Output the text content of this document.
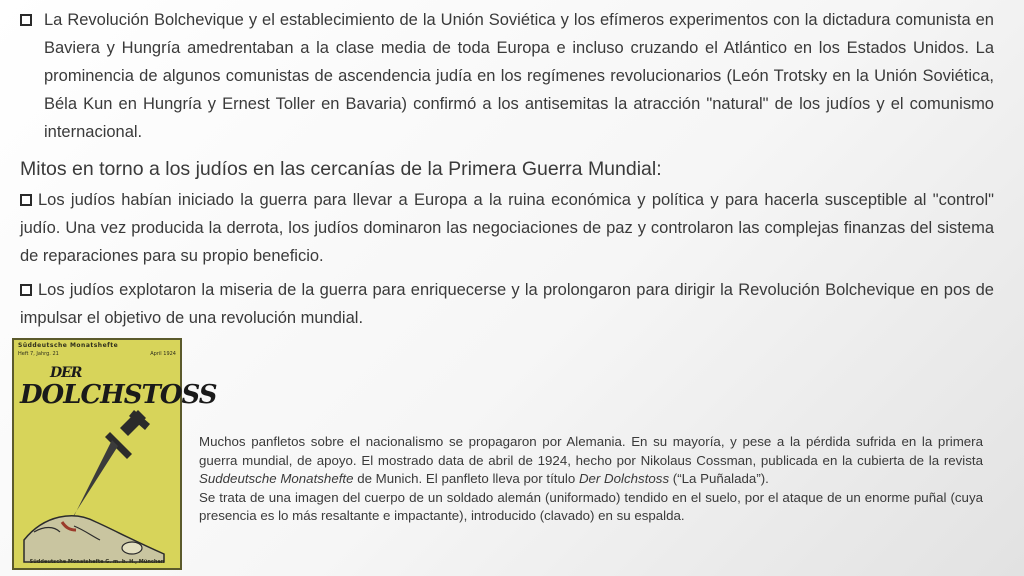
La Revolución Bolchevique y el establecimiento de la Unión Soviética y los efímeros experimentos con la dictadura comunista en Baviera y Hungría amedrentaban a la clase media de toda Europa e incluso cruzando el Atlántico en los Estados Unidos. La prominencia de algunos comunistas de ascendencia judía en los regímenes revolucionarios (León Trotsky en la Unión Soviética, Béla Kun en Hungría y Ernest Toller en Bavaria) confirmó a los antisemitas la atracción "natural" de los judíos y el comunismo internacional.
Mitos en torno a los judíos en las cercanías de la Primera Guerra Mundial:
Los judíos habían iniciado la guerra para llevar a Europa a la ruina económica y política y para hacerla susceptible al "control" judío. Una vez producida la derrota, los judíos dominaron las negociaciones de paz y controlaron las complejas finanzas del sistema de reparaciones para su propio beneficio.
Los judíos explotaron la miseria de la guerra para enriquecerse y la prolongaron para dirigir la Revolución Bolchevique en pos de impulsar el objetivo de una revolución mundial.
Süddeutsche Monatshefte
Heft 7, Jahrg. 21	April 1924
DER
DOLCHSTOSS
Süddeutsche Monatshefte G. m. b. H., München

Muchos panfletos sobre el nacionalismo se propagaron por Alemania. En su mayoría, y pese a la pérdida sufrida en la primera guerra mundial, de apoyo. El mostrado data de abril de 1924, hecho por Nikolaus Cossman, publicada en la cubierta de la revista Suddeutsche Monatshefte de Munich. El panfleto lleva por título Der Dolchstoss (“La Puñalada”).

Se trata de una imagen del cuerpo de un soldado alemán (uniformado) tendido en el suelo, por el ataque de un enorme puñal (cuya presencia es lo más resaltante e impactante), introducido (clavado) en su espalda.
